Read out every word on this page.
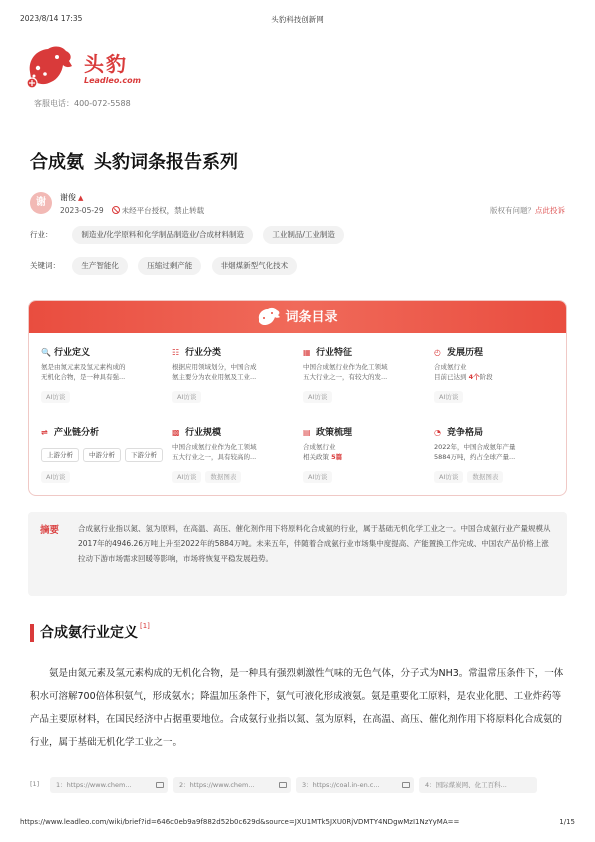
2023/8/14 17:35	头豹科技创新网
头豹
Leadleo.com
客服电话：400-072-5588
合成氨 头豹词条报告系列
谢	谢俊 ▲
2023-05-29 未经平台授权，禁止转载	版权有问题？点此投诉
行业：	制造业/化学原料和化学制品制造业/合成材料制造	工业制品/工业制造
关键词：	生产智能化	压缩过剩产能	非烟煤新型气化技术
词条目录
🔍 行业定义
氨是由氮元素及氢元素构成的
无机化合物，是一种具有强...
AI访谈
☷ 行业分类
根据应用领域划分，中国合成
氨主要分为农业用氨及工业...
AI访谈
▦ 行业特征
中国合成氨行业作为化工领域
五大行业之一，有较大的发...
AI访谈
◴ 发展历程
合成氨行业
目前已达到 4个阶段
AI访谈
⇌ 产业链分析
上游分析 中游分析 下游分析
AI访谈
▩ 行业规模
中国合成氨行业作为化工领域
五大行业之一，具有较高的...
AI访谈 数据图表
▤ 政策梳理
合成氨行业
相关政策 5篇
AI访谈
◔ 竞争格局
2022年，中国合成氨年产量
5884万吨，约占全球产量...
AI访谈 数据图表
摘要	合成氨行业指以氮、氢为原料，在高温、高压、催化剂作用下将原料化合成氨的行业，属于基础无机化学工业之一。中国合成氨行业产量规模从2017年的4946.26万吨上升至2022年的5884万吨。未来五年，伴随着合成氨行业市场集中度提高、产能置换工作完成、中国农产品价格上涨拉动下游市场需求回暖等影响，市场将恢复平稳发展趋势。
合成氨行业定义 [1]

氨是由氮元素及氢元素构成的无机化合物，是一种具有强烈刺激性气味的无色气体，分子式为NH3。常温常压条件下，一体积水可溶解700倍体积氨气，形成氨水；降温加压条件下，氨气可液化形成液氨。氨是重要化工原料，是农业化肥、工业炸药等产品主要原材料，在国民经济中占据重要地位。合成氨行业指以氮、氢为原料，在高温、高压、催化剂作用下将原料化合成氨的行业，属于基础无机化学工业之一。

[1]	1：https://www.chem...	2：https://www.chem...	3：https://coal.in-en.c...	4：国际煤炭网、化工百科...
https://www.leadleo.com/wiki/brief?id=646c0eb9a9f882d52b0c629d&source=JXU1MTk5JXU0RjVDMTY4NDgwMzI1NzYyMA==	1/15
